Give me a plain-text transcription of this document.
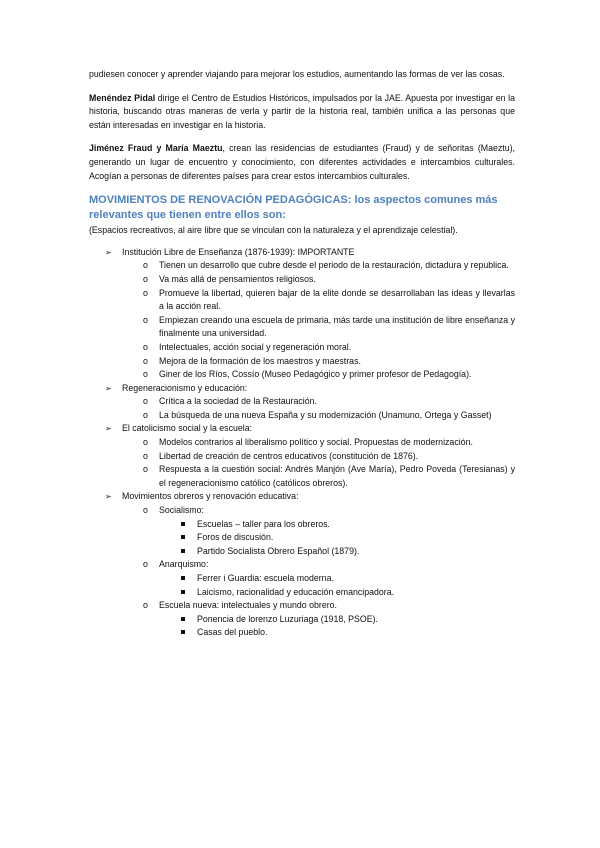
pudiesen conocer y aprender viajando para mejorar los estudios, aumentando las formas de ver las cosas.

Menéndez Pidal dirige el Centro de Estudios Históricos, impulsados por la JAE. Apuesta por investigar en la historia, buscando otras maneras de verla y partir de la historia real, también unifica a las personas que están interesadas en investigar en la historia.

Jiménez Fraud y María Maeztu, crean las residencias de estudiantes (Fraud) y de señoritas (Maeztu), generando un lugar de encuentro y conocimiento, con diferentes actividades e intercambios culturales. Acogían a personas de diferentes países para crear estos intercambios culturales.

MOVIMIENTOS DE RENOVACIÓN PEDAGÓGICAS: los aspectos comunes más relevantes que tienen entre ellos son:

(Espacios recreativos, al aire libre que se vinculan con la naturaleza y el aprendizaje celestial).

➢ Institución Libre de Enseñanza (1876-1939): IMPORTANTE
o Tienen un desarrollo que cubre desde el periodo de la restauración, dictadura y republica.
o Va más allá de pensamientos religiosos.
o Promueve la libertad, quieren bajar de la elite donde se desarrollaban las ideas y llevarlas a la acción real.
o Empiezan creando una escuela de primaria, más tarde una institución de libre enseñanza y finalmente una universidad.
o Intelectuales, acción social y regeneración moral.
o Mejora de la formación de los maestros y maestras.
o Giner de los Ríos, Cossío (Museo Pedagógico y primer profesor de Pedagogía).
➢ Regeneracionismo y educación:
o Crítica a la sociedad de la Restauración.
o La búsqueda de una nueva España y su modernización (Unamuno, Ortega y Gasset)
➢ El catolicismo social y la escuela:
o Modelos contrarios al liberalismo político y social. Propuestas de modernización.
o Libertad de creación de centros educativos (constitución de 1876).
o Respuesta a la cuestión social: Andrés Manjón (Ave María), Pedro Poveda (Teresianas) y el regeneracionismo católico (católicos obreros).
➢ Movimientos obreros y renovación educativa:
o Socialismo:
Escuelas – taller para los obreros.
Foros de discusión.
Partido Socialista Obrero Español (1879).
o Anarquismo:
Ferrer i Guardia: escuela moderna.
Laicismo, racionalidad y educación emancipadora.
o Escuela nueva: intelectuales y mundo obrero.
Ponencia de lorenzo Luzuriaga (1918, PSOE).
Casas del pueblo.
